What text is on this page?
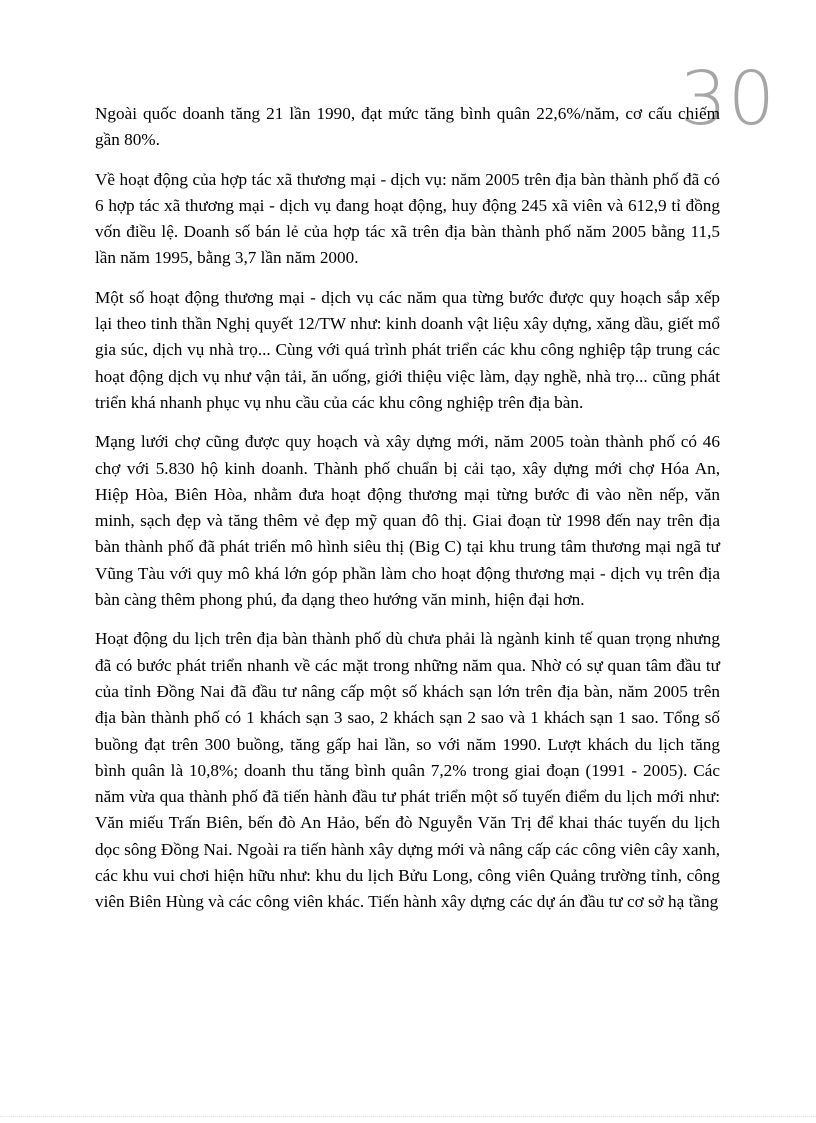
30

Ngoài quốc doanh tăng 21 lần 1990, đạt mức tăng bình quân 22,6%/năm, cơ cấu chiếm gần 80%.

Về hoạt động của hợp tác xã thương mại - dịch vụ: năm 2005 trên địa bàn thành phố đã có 6 hợp tác xã thương mại - dịch vụ đang hoạt động, huy động 245 xã viên và 612,9 tỉ đồng vốn điều lệ. Doanh số bán lẻ của hợp tác xã trên địa bàn thành phố năm 2005 bằng 11,5 lần năm 1995, bằng 3,7 lần năm 2000.

Một số hoạt động thương mại - dịch vụ các năm qua từng bước được quy hoạch sắp xếp lại theo tinh thần Nghị quyết 12/TW như: kinh doanh vật liệu xây dựng, xăng dầu, giết mổ gia súc, dịch vụ nhà trọ... Cùng với quá trình phát triển các khu công nghiệp tập trung các hoạt động dịch vụ như vận tải, ăn uống, giới thiệu việc làm, dạy nghề, nhà trọ... cũng phát triển khá nhanh phục vụ nhu cầu của các khu công nghiệp trên địa bàn.

Mạng lưới chợ cũng được quy hoạch và xây dựng mới, năm 2005 toàn thành phố có 46 chợ với 5.830 hộ kinh doanh. Thành phố chuẩn bị cải tạo, xây dựng mới chợ Hóa An, Hiệp Hòa, Biên Hòa, nhằm đưa hoạt động thương mại từng bước đi vào nền nếp, văn minh, sạch đẹp và tăng thêm vẻ đẹp mỹ quan đô thị. Giai đoạn từ 1998 đến nay trên địa bàn thành phố đã phát triển mô hình siêu thị (Big C) tại khu trung tâm thương mại ngã tư Vũng Tàu với quy mô khá lớn góp phần làm cho hoạt động thương mại - dịch vụ trên địa bàn càng thêm phong phú, đa dạng theo hướng văn minh, hiện đại hơn.

Hoạt động du lịch trên địa bàn thành phố dù chưa phải là ngành kinh tế quan trọng nhưng đã có bước phát triển nhanh về các mặt trong những năm qua. Nhờ có sự quan tâm đầu tư của tỉnh Đồng Nai đã đầu tư nâng cấp một số khách sạn lớn trên địa bàn, năm 2005 trên địa bàn thành phố có 1 khách sạn 3 sao, 2 khách sạn 2 sao và 1 khách sạn 1 sao. Tổng số buồng đạt trên 300 buồng, tăng gấp hai lần, so với năm 1990. Lượt khách du lịch tăng bình quân là 10,8%; doanh thu tăng bình quân 7,2% trong giai đoạn (1991 - 2005). Các năm vừa qua thành phố đã tiến hành đầu tư phát triển một số tuyến điểm du lịch mới như: Văn miếu Trấn Biên, bến đò An Hảo, bến đò Nguyễn Văn Trị để khai thác tuyến du lịch dọc sông Đồng Nai. Ngoài ra tiến hành xây dựng mới và nâng cấp các công viên cây xanh, các khu vui chơi hiện hữu như: khu du lịch Bửu Long, công viên Quảng trường tỉnh, công viên Biên Hùng và các công viên khác. Tiến hành xây dựng các dự án đầu tư cơ sở hạ tầng
